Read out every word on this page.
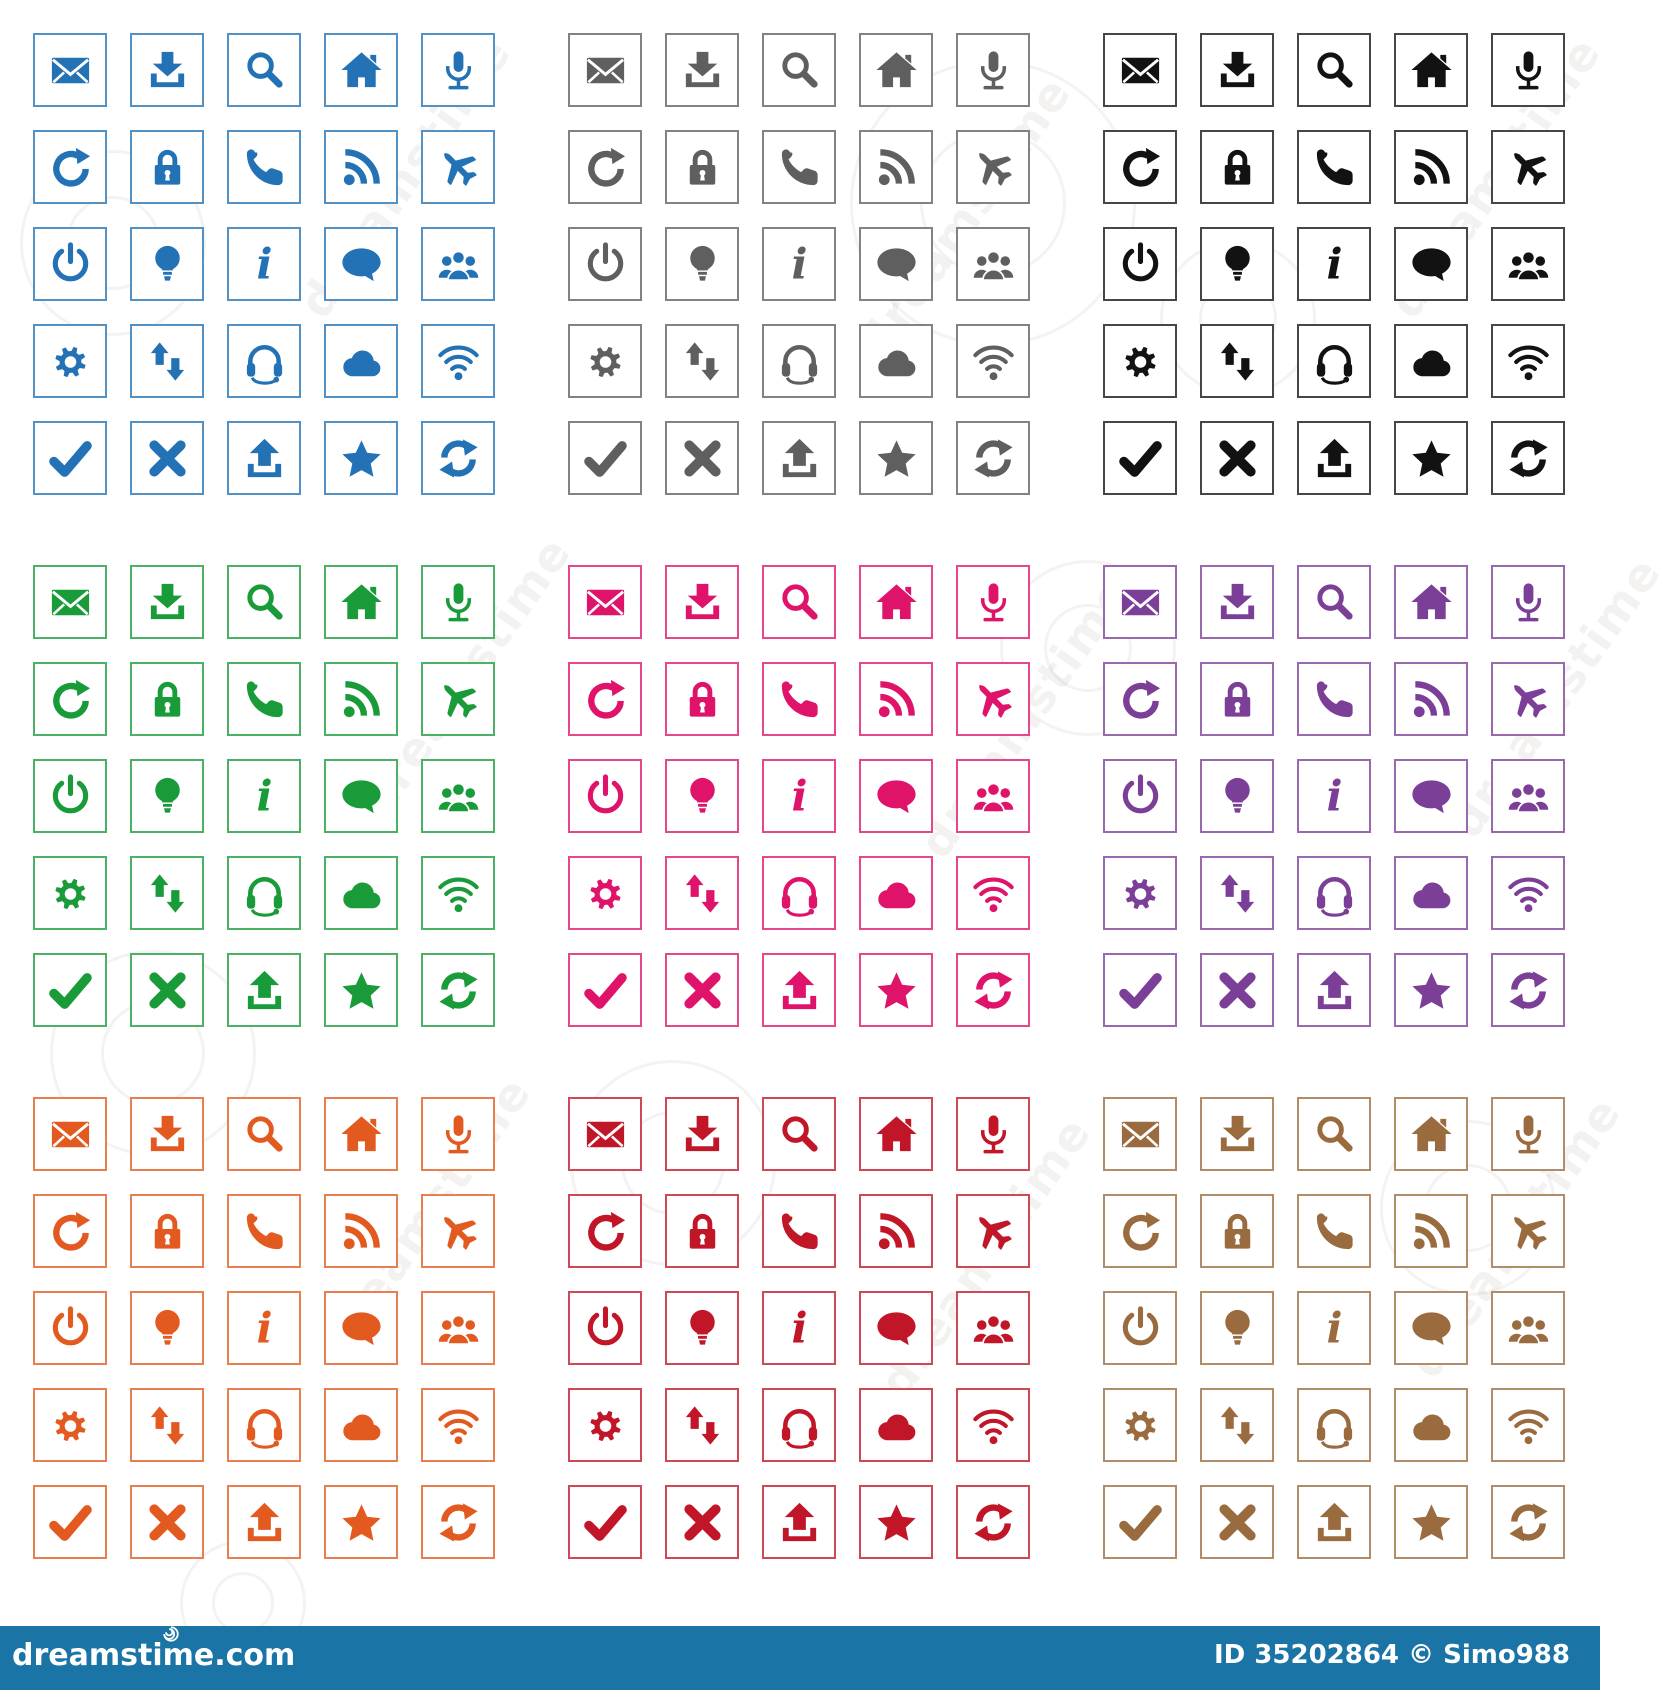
dreamstime	dreamstime
dreamstime.com	ID 35202864 © Simo988
